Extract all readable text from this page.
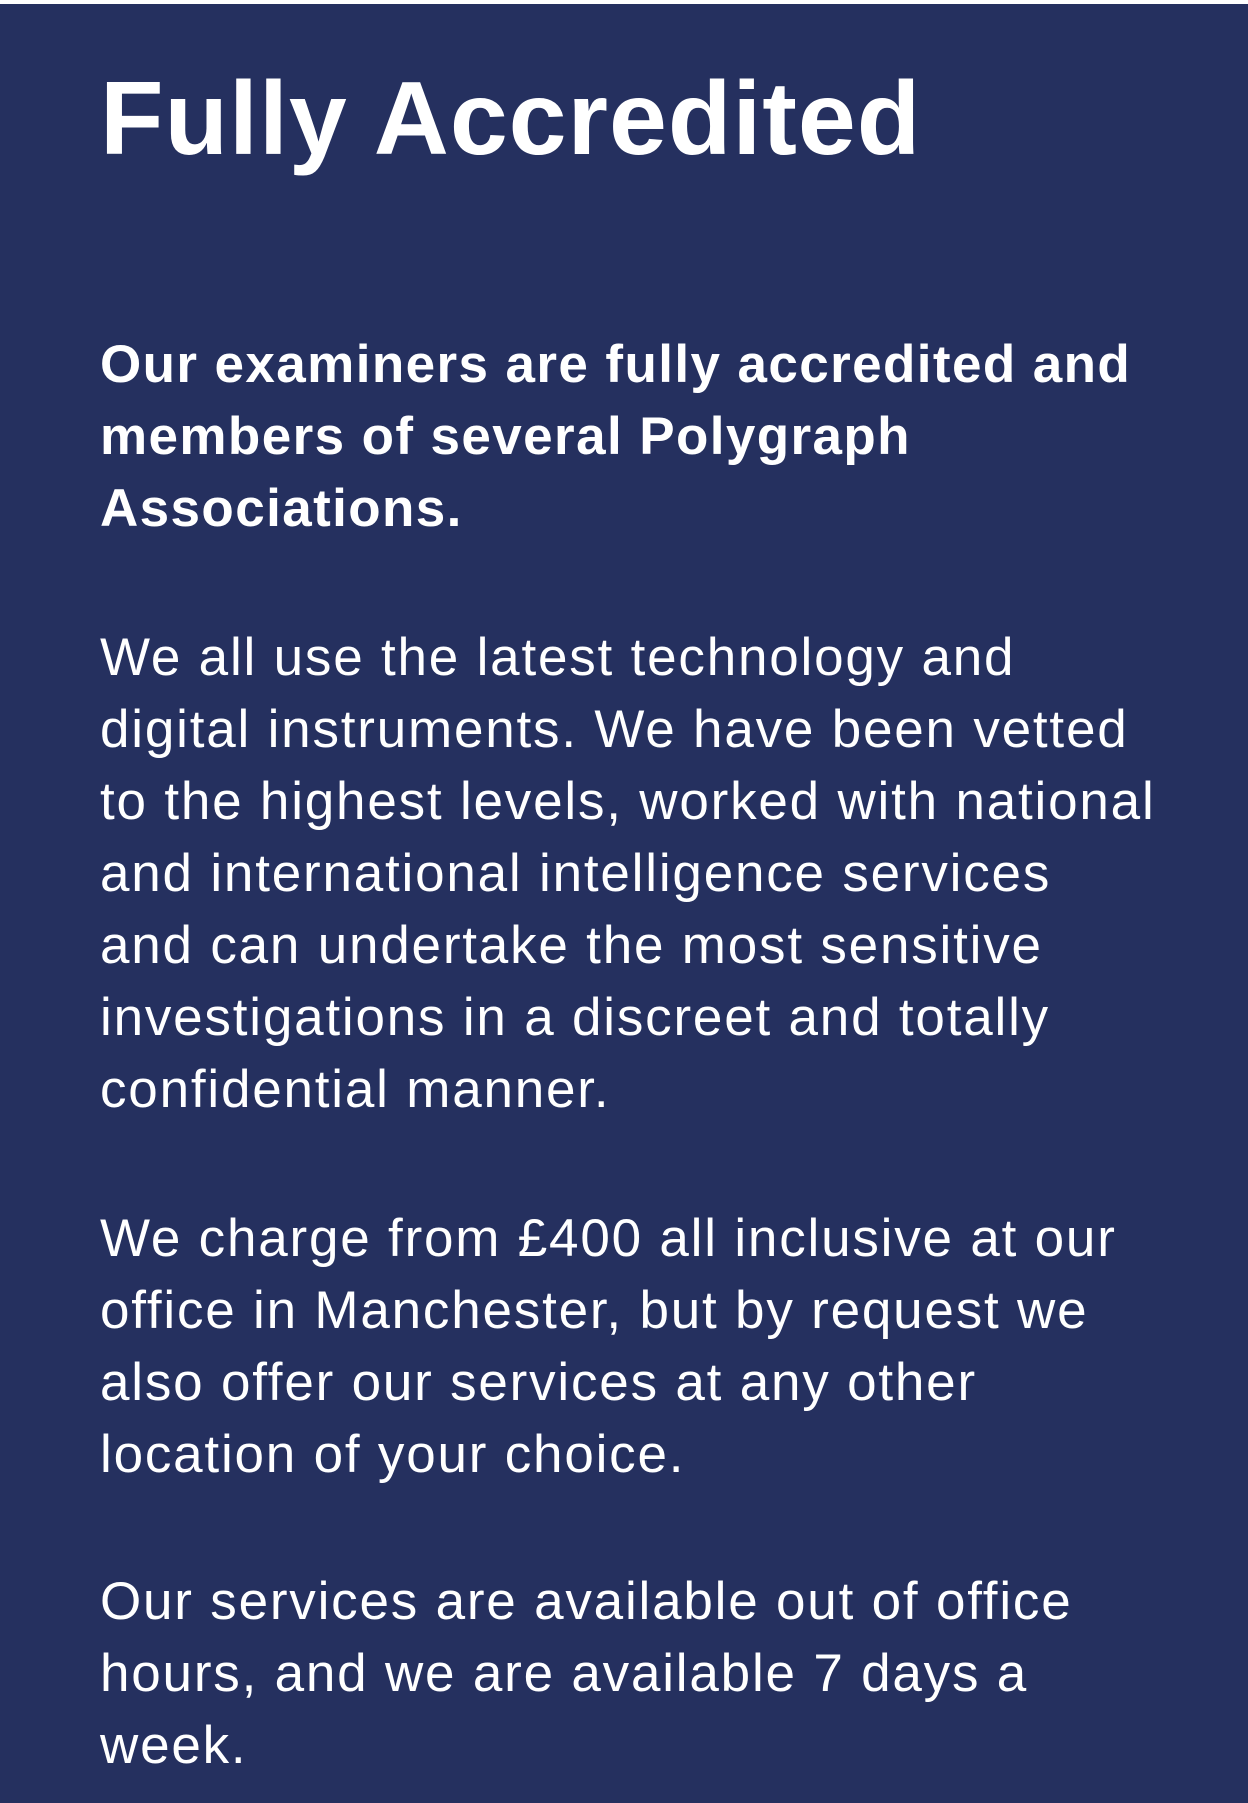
Fully Accredited

Our examiners are fully accredited and members of several Polygraph Associations.

We all use the latest technology and digital instruments. We have been vetted to the highest levels, worked with national and international intelligence services and can undertake the most sensitive investigations in a discreet and totally confidential manner.

We charge from £400 all inclusive at our office in Manchester, but by request we also offer our services at any other location of your choice.

Our services are available out of office hours, and we are available 7 days a week.
